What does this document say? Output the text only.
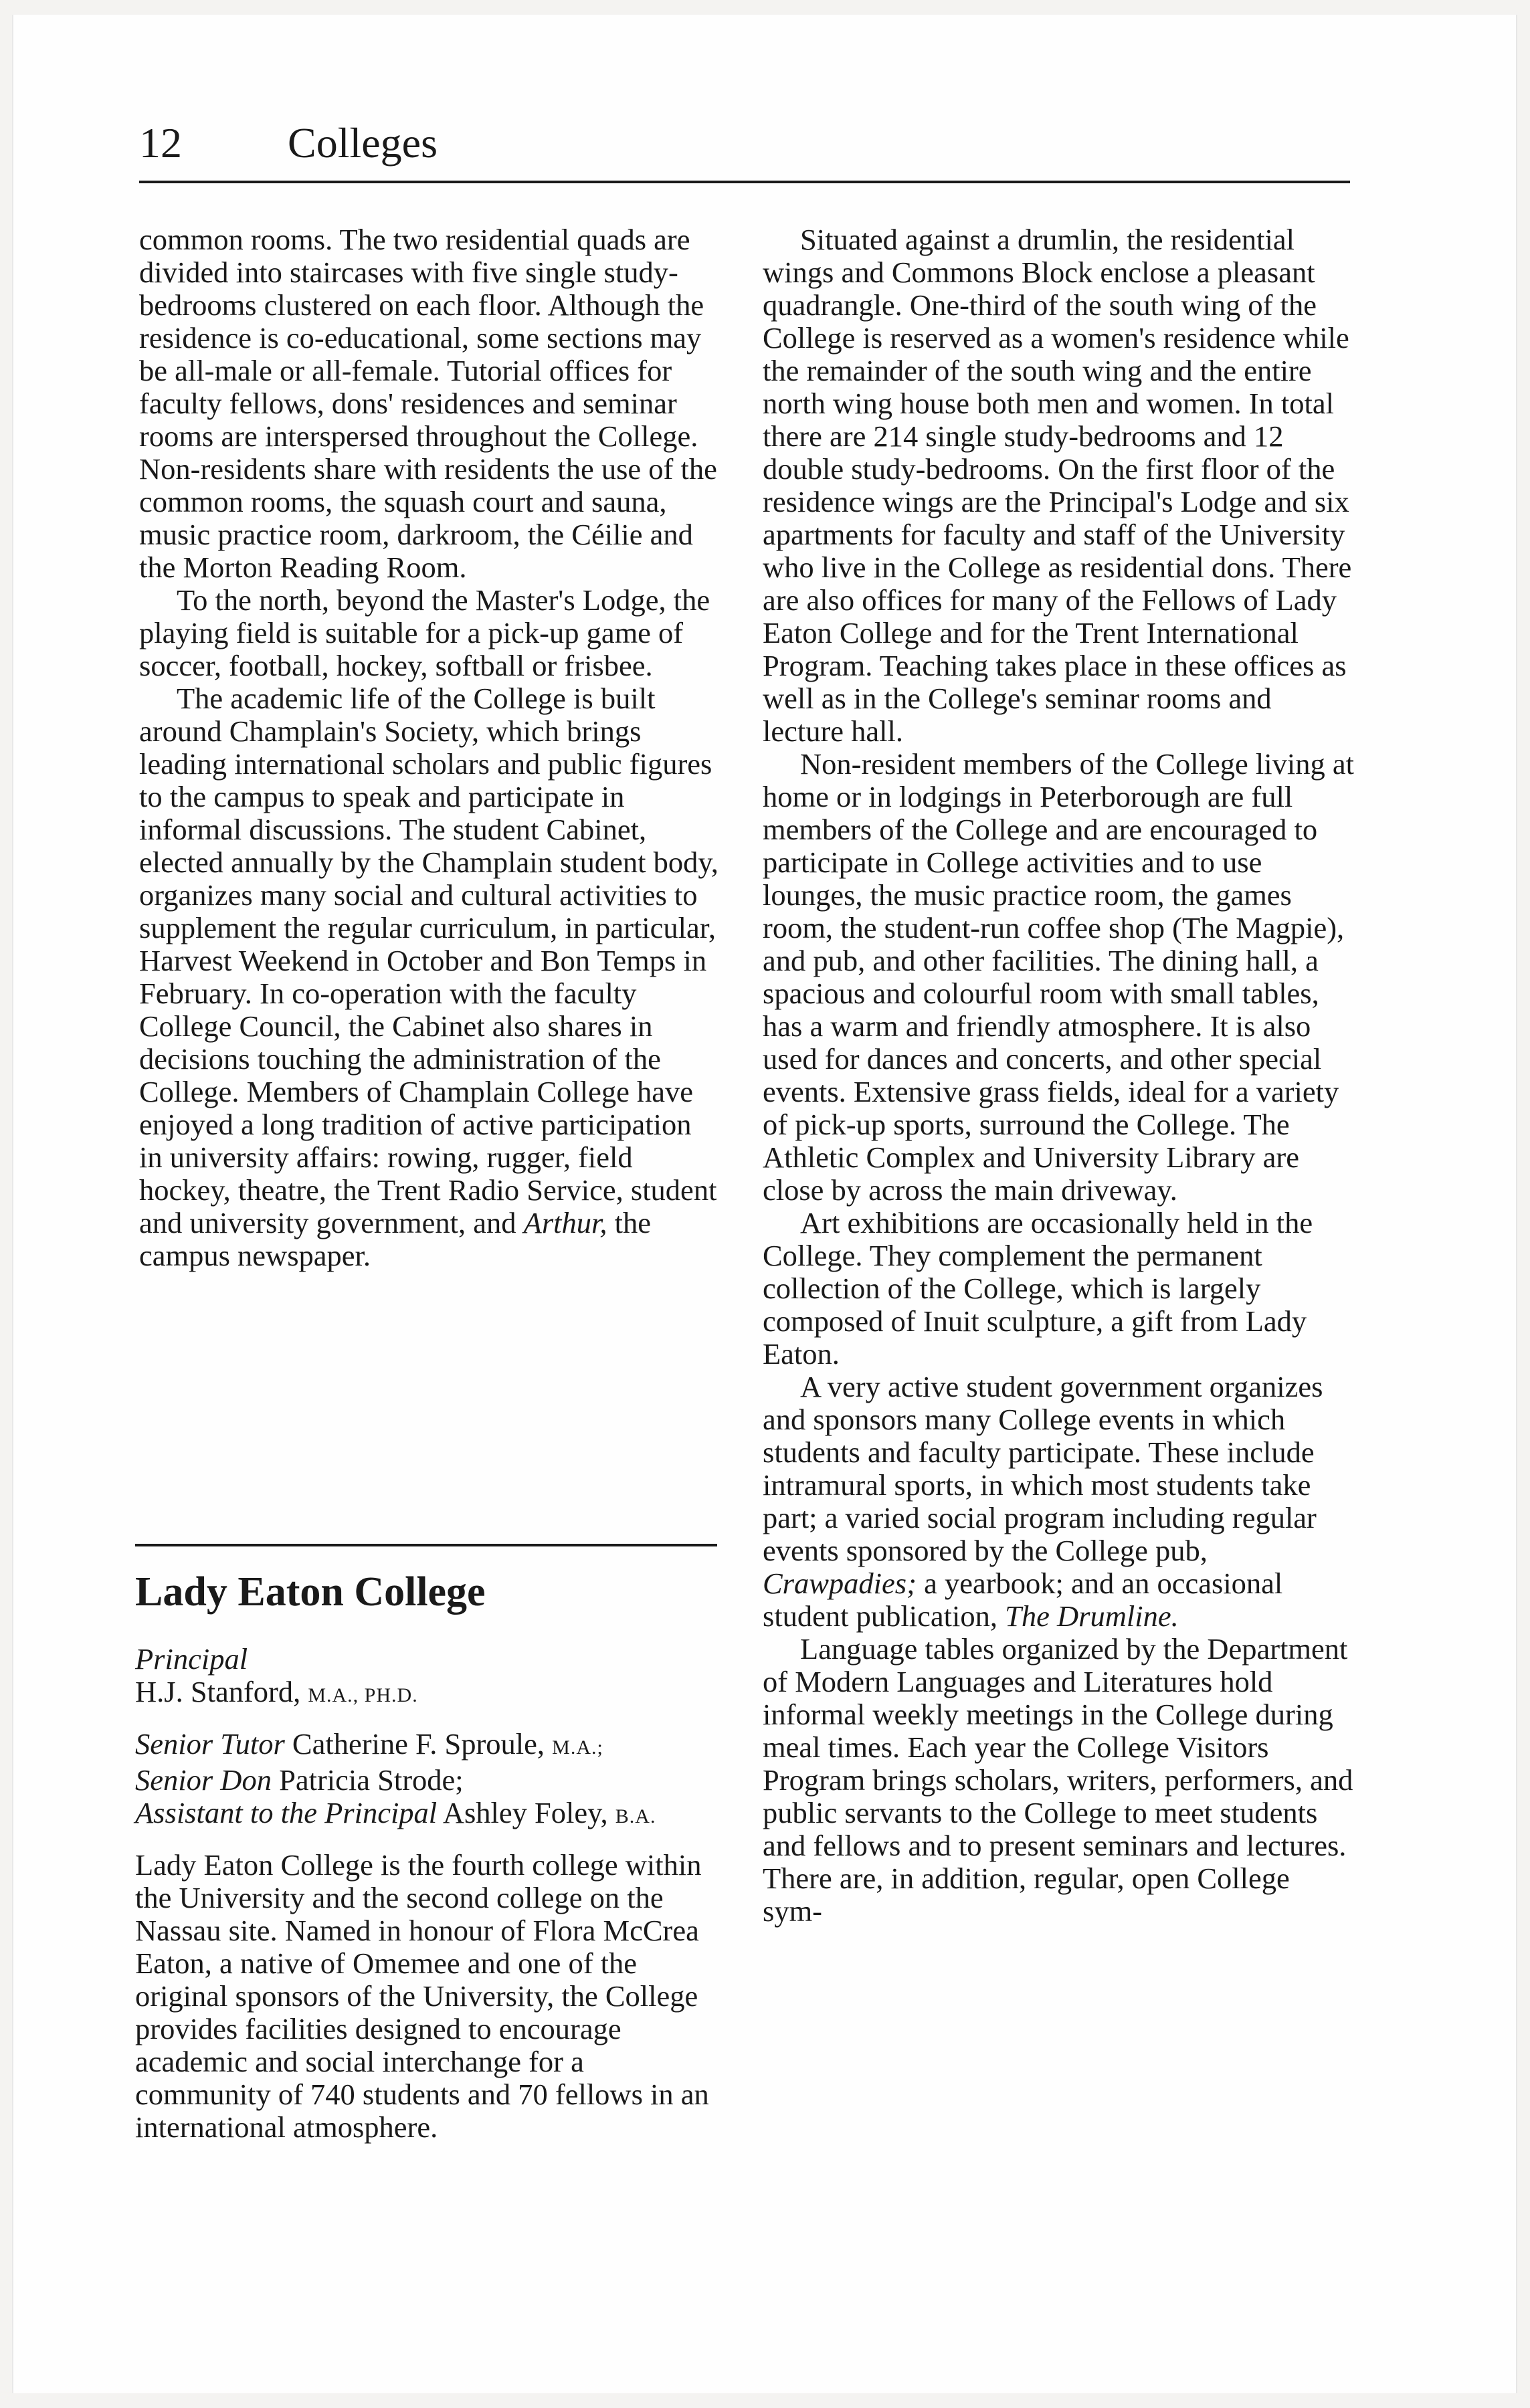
12 Colleges

common rooms. The two residential quads are divided into staircases with five single study-bedrooms clustered on each floor. Although the residence is co-educational, some sections may be all-male or all-female. Tutorial offices for faculty fellows, dons' residences and seminar rooms are interspersed throughout the College. Non-residents share with residents the use of the common rooms, the squash court and sauna, music practice room, darkroom, the Céilie and the Morton Reading Room.

To the north, beyond the Master's Lodge, the playing field is suitable for a pick-up game of soccer, football, hockey, softball or frisbee.

The academic life of the College is built around Champlain's Society, which brings leading international scholars and public figures to the campus to speak and participate in informal discussions. The student Cabinet, elected annually by the Champlain student body, organizes many social and cultural activities to supplement the regular curriculum, in particular, Harvest Weekend in October and Bon Temps in February. In co-operation with the faculty College Council, the Cabinet also shares in decisions touching the administration of the College. Members of Champlain College have enjoyed a long tradition of active participation in university affairs: rowing, rugger, field hockey, theatre, the Trent Radio Service, student and university government, and Arthur, the campus newspaper.

Lady Eaton College

Principal

H.J. Stanford, M.A., PH.D.

Senior Tutor Catherine F. Sproule, M.A.;

Senior Don Patricia Strode;

Assistant to the Principal Ashley Foley, B.A.

Lady Eaton College is the fourth college within the University and the second college on the Nassau site. Named in honour of Flora McCrea Eaton, a native of Omemee and one of the original sponsors of the University, the College provides facilities designed to encourage academic and social interchange for a community of 740 students and 70 fellows in an international atmosphere.

Situated against a drumlin, the residential wings and Commons Block enclose a pleasant quadrangle. One-third of the south wing of the College is reserved as a women's residence while the remainder of the south wing and the entire north wing house both men and women. In total there are 214 single study-bedrooms and 12 double study-bedrooms. On the first floor of the residence wings are the Principal's Lodge and six apartments for faculty and staff of the University who live in the College as residential dons. There are also offices for many of the Fellows of Lady Eaton College and for the Trent International Program. Teaching takes place in these offices as well as in the College's seminar rooms and lecture hall.

Non-resident members of the College living at home or in lodgings in Peterborough are full members of the College and are encouraged to participate in College activities and to use lounges, the music practice room, the games room, the student-run coffee shop (The Magpie), and pub, and other facilities. The dining hall, a spacious and colourful room with small tables, has a warm and friendly atmosphere. It is also used for dances and concerts, and other special events. Extensive grass fields, ideal for a variety of pick-up sports, surround the College. The Athletic Complex and University Library are close by across the main driveway.

Art exhibitions are occasionally held in the College. They complement the permanent collection of the College, which is largely composed of Inuit sculpture, a gift from Lady Eaton.

A very active student government organizes and sponsors many College events in which students and faculty participate. These include intramural sports, in which most students take part; a varied social program including regular events sponsored by the College pub, Crawpadies; a yearbook; and an occasional student publication, The Drumline.

Language tables organized by the Department of Modern Languages and Literatures hold informal weekly meetings in the College during meal times. Each year the College Visitors Program brings scholars, writers, performers, and public servants to the College to meet students and fellows and to present seminars and lectures. There are, in addition, regular, open College sym-
